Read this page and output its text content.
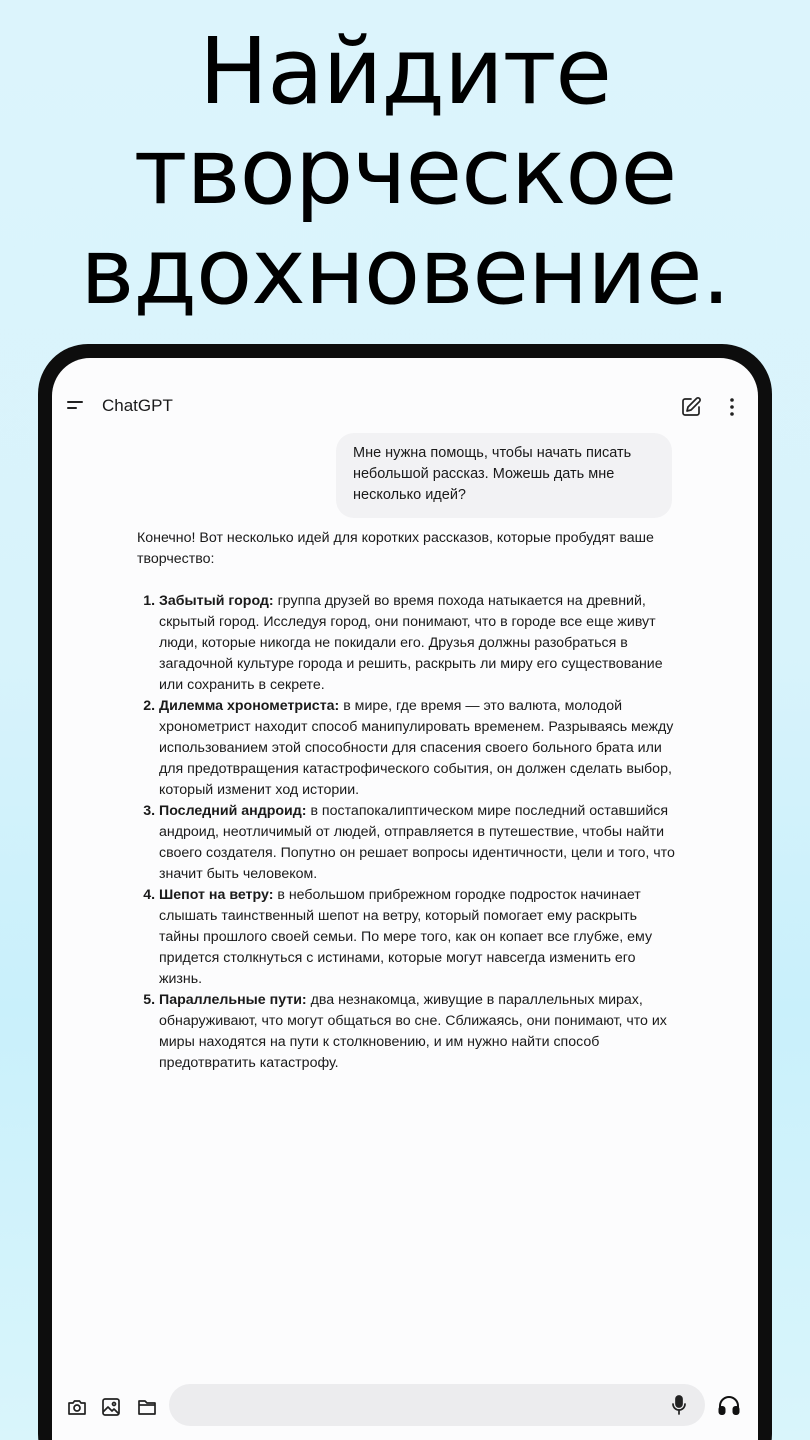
Найдите
творческое
вдохновение.
ChatGPT
Мне нужна помощь, чтобы начать писать небольшой рассказ. Можешь дать мне несколько идей?

Конечно! Вот несколько идей для коротких рассказов, которые пробудят ваше творчество:

1. Забытый город: группа друзей во время похода натыкается на древний, скрытый город. Исследуя город, они понимают, что в городе все еще живут люди, которые никогда не покидали его. Друзья должны разобраться в загадочной культуре города и решить, раскрыть ли миру его существование или сохранить в секрете.
2. Дилемма хронометриста: в мире, где время — это валюта, молодой хронометрист находит способ манипулировать временем. Разрываясь между использованием этой способности для спасения своего больного брата или для предотвращения катастрофического события, он должен сделать выбор, который изменит ход истории.
3. Последний андроид: в постапокалиптическом мире последний оставшийся андроид, неотличимый от людей, отправляется в путешествие, чтобы найти своего создателя. Попутно он решает вопросы идентичности, цели и того, что значит быть человеком.
4. Шепот на ветру: в небольшом прибрежном городке подросток начинает слышать таинственный шепот на ветру, который помогает ему раскрыть тайны прошлого своей семьи. По мере того, как он копает все глубже, ему придется столкнуться с истинами, которые могут навсегда изменить его жизнь.
5. Параллельные пути: два незнакомца, живущие в параллельных мирах, обнаруживают, что могут общаться во сне. Сближаясь, они понимают, что их миры находятся на пути к столкновению, и им нужно найти способ предотвратить катастрофу.
